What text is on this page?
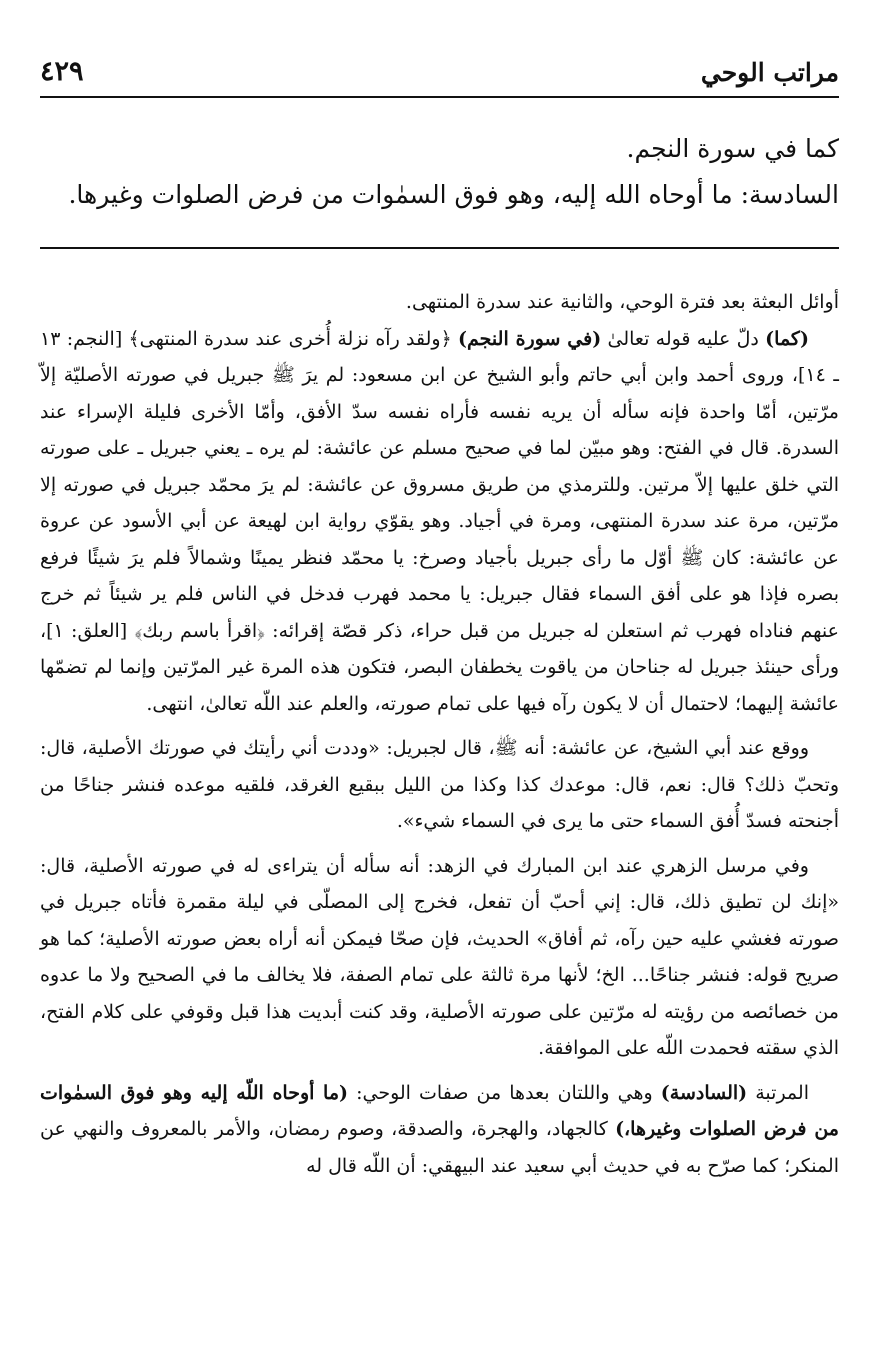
مراتب الوحي
٤٢٩

كما في سورة النجم.

السادسة: ما أوحاه الله إليه، وهو فوق السمٰوات من فرض الصلوات وغيرها.

أوائل البعثة بعد فترة الوحي، والثانية عند سدرة المنتهى.

(كما) دلّ عليه قوله تعالىٰ (في سورة النجم) ﴿ولقد رآه نزلة أُخرى عند سدرة المنتهى﴾ [النجم: ١٣ ـ ١٤]، وروى أحمد وابن أبي حاتم وأبو الشيخ عن ابن مسعود: لم يرَ ﷺ جبريل في صورته الأصليّة إلاّ مرّتين، أمّا واحدة فإنه سأله أن يريه نفسه فأراه نفسه سدّ الأفق، وأمّا الأخرى فليلة الإسراء عند السدرة. قال في الفتح: وهو مبيّن لما في صحيح مسلم عن عائشة: لم يره ـ يعني جبريل ـ على صورته التي خلق عليها إلاّ مرتين. وللترمذي من طريق مسروق عن عائشة: لم يرَ محمّد جبريل في صورته إلا مرّتين، مرة عند سدرة المنتهى، ومرة في أجياد. وهو يقوّي رواية ابن لهيعة عن أبي الأسود عن عروة عن عائشة: كان ﷺ أوّل ما رأى جبريل بأجياد وصرخ: يا محمّد فنظر يمينًا وشمالاً فلم يرَ شيئًا فرفع بصره فإذا هو على أفق السماء فقال جبريل: يا محمد فهرب فدخل في الناس فلم ير شيئاً ثم خرج عنهم فناداه فهرب ثم استعلن له جبريل من قبل حراء، ذكر قصّة إقرائه: ﴿اقرأ باسم ربك﴾ [العلق: ١]، ورأى حينئذ جبريل له جناحان من ياقوت يخطفان البصر، فتكون هذه المرة غير المرّتين وإنما لم تضمّها عائشة إليهما؛ لاحتمال أن لا يكون رآه فيها على تمام صورته، والعلم عند اللّه تعالىٰ، انتهى.

ووقع عند أبي الشيخ، عن عائشة: أنه ﷺ، قال لجبريل: «وددت أني رأيتك في صورتك الأصلية، قال: وتحبّ ذلك؟ قال: نعم، قال: موعدك كذا وكذا من الليل ببقيع الغرقد، فلقيه موعده فنشر جناحًا من أجنحته فسدّ أُفق السماء حتى ما يرى في السماء شيء».

وفي مرسل الزهري عند ابن المبارك في الزهد: أنه سأله أن يتراءى له في صورته الأصلية، قال: «إنك لن تطيق ذلك، قال: إني أحبّ أن تفعل، فخرج إلى المصلّى في ليلة مقمرة فأتاه جبريل في صورته فغشي عليه حين رآه، ثم أفاق» الحديث، فإن صحّا فيمكن أنه أراه بعض صورته الأصلية؛ كما هو صريح قوله: فنشر جناحًا... الخ؛ لأنها مرة ثالثة على تمام الصفة، فلا يخالف ما في الصحيح ولا ما عدوه من خصائصه من رؤيته له مرّتين على صورته الأصلية، وقد كنت أبديت هذا قبل وقوفي على كلام الفتح، الذي سقته فحمدت اللّه على الموافقة.

المرتبة (السادسة) وهي واللتان بعدها من صفات الوحي: (ما أوحاه اللّه إليه وهو فوق السمٰوات من فرض الصلوات وغيرها،) كالجهاد، والهجرة، والصدقة، وصوم رمضان، والأمر بالمعروف والنهي عن المنكر؛ كما صرّح به في حديث أبي سعيد عند البيهقي: أن اللّه قال له
